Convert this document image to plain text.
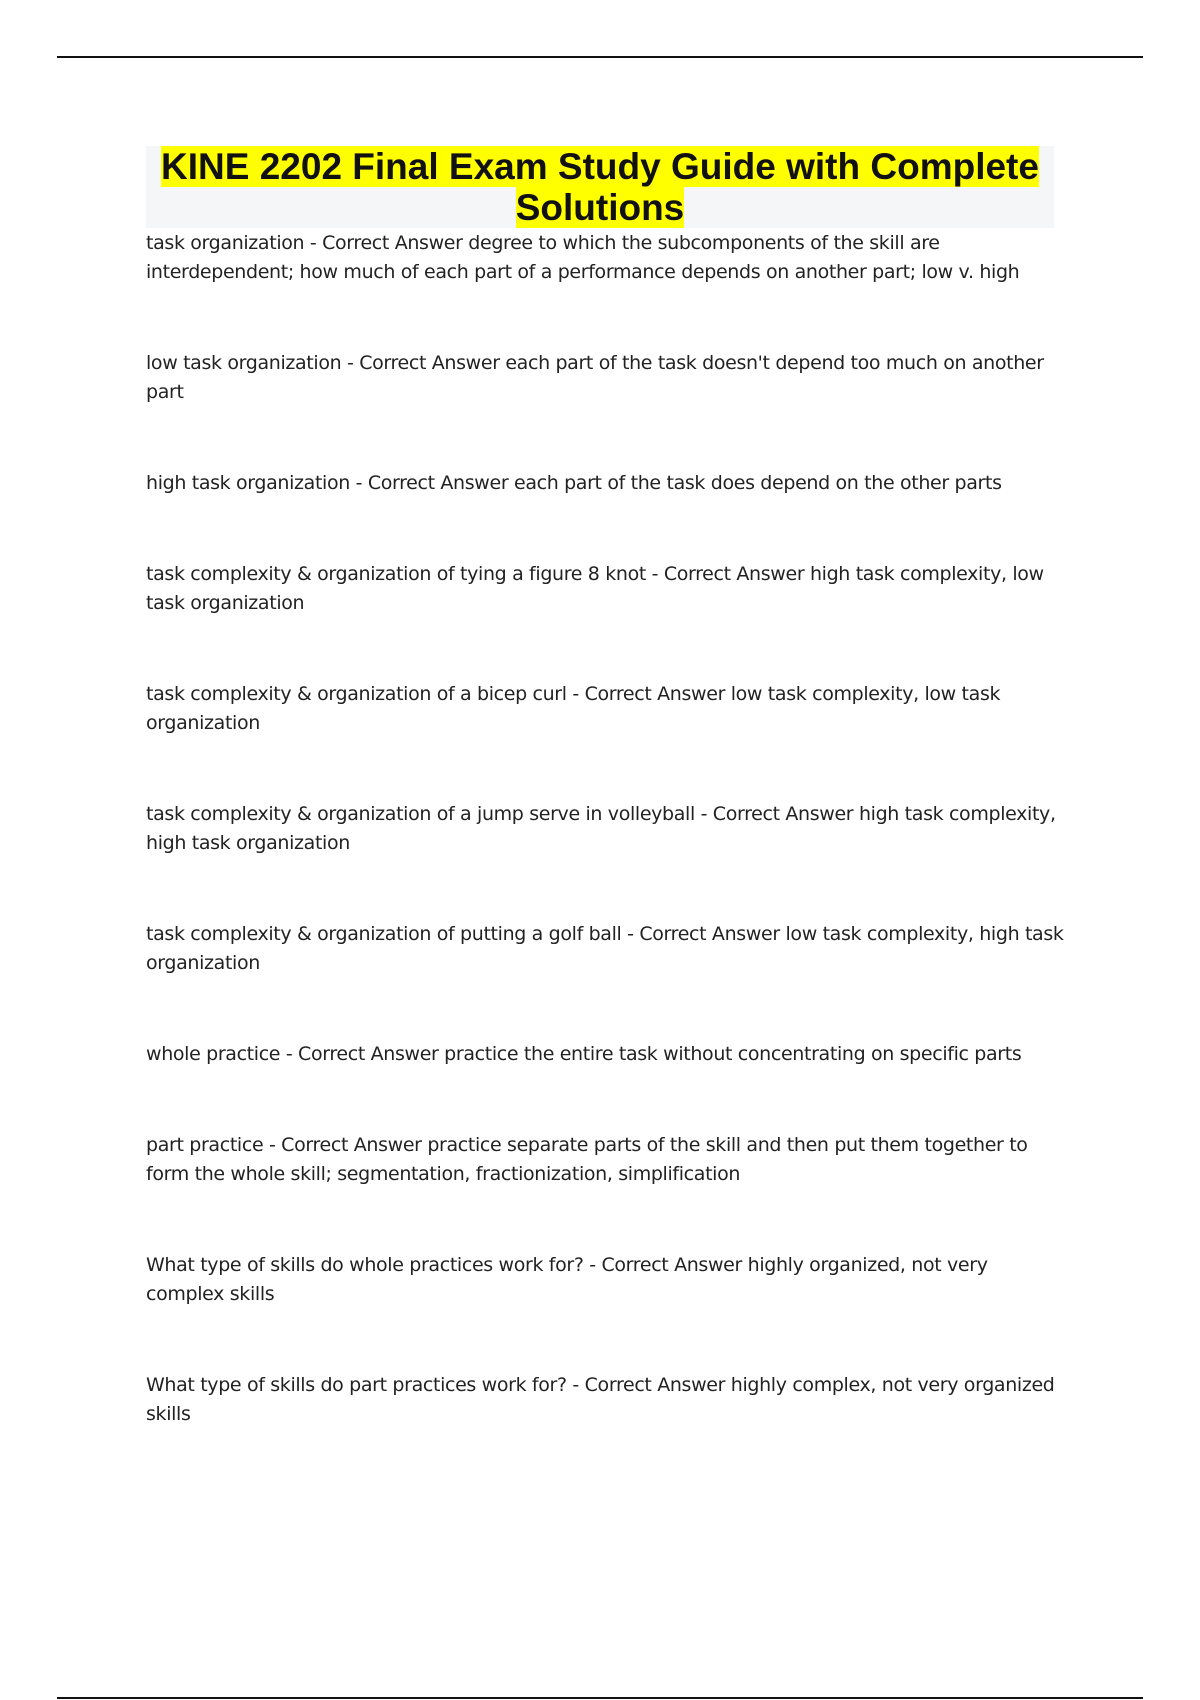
KINE 2202 Final Exam Study Guide with Complete
Solutions

task organization - Correct Answer degree to which the subcomponents of the skill are interdependent; how much of each part of a performance depends on another part; low v. high

low task organization - Correct Answer each part of the task doesn't depend too much on another part

high task organization - Correct Answer each part of the task does depend on the other parts

task complexity & organization of tying a figure 8 knot - Correct Answer high task complexity, low task organization

task complexity & organization of a bicep curl - Correct Answer low task complexity, low task organization

task complexity & organization of a jump serve in volleyball - Correct Answer high task complexity, high task organization

task complexity & organization of putting a golf ball - Correct Answer low task complexity, high task organization

whole practice - Correct Answer practice the entire task without concentrating on specific parts

part practice - Correct Answer practice separate parts of the skill and then put them together to form the whole skill; segmentation, fractionization, simplification

What type of skills do whole practices work for? - Correct Answer highly organized, not very complex skills

What type of skills do part practices work for? - Correct Answer highly complex, not very organized skills
